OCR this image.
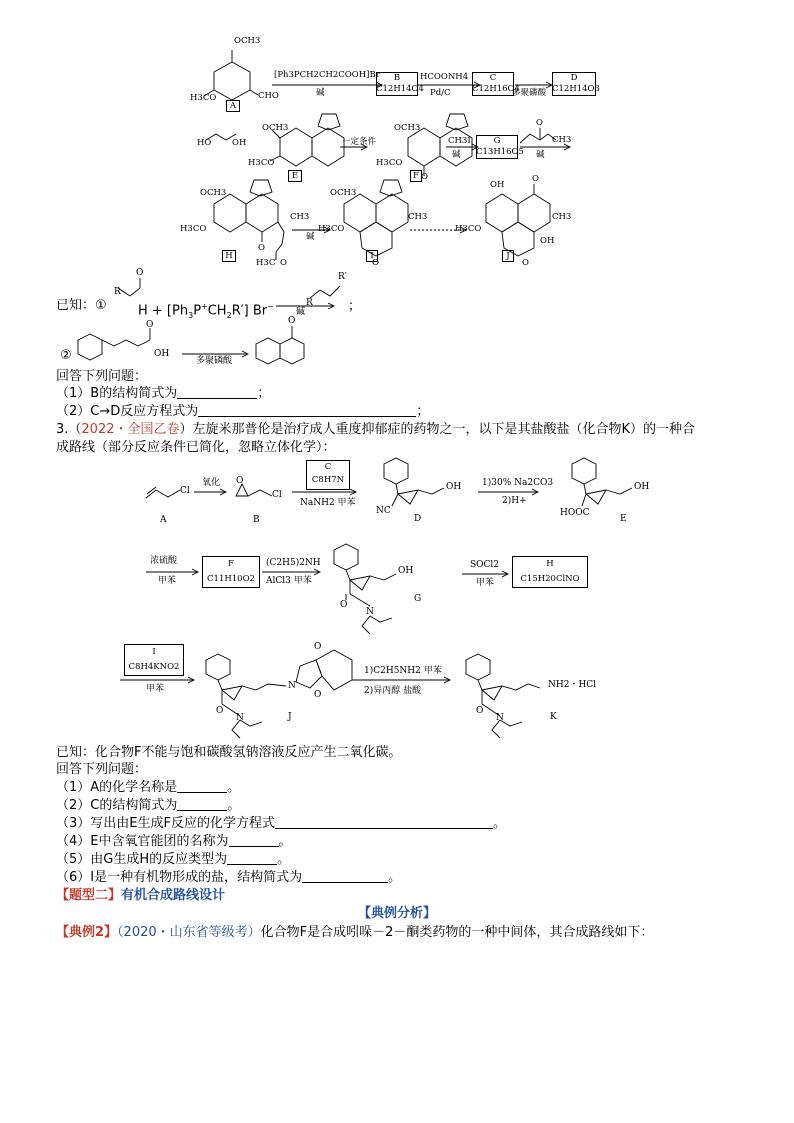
OCH3
H3CO	CHO
A
[Ph3PCH2CH2COOH]Br
碱
B
C12H14O4
HCOONH4
Pd/C
C
C12H16O4
多聚磷酸
D
C12H14O3
HO OH
OCH3
H3CO
一定条件
E
OCH3
H3CO
O
F
CH3I
碱
G
C13H16O5 碱
O
CH3
OCH3
H3CO
CH3
O
H3C O
H
碱
OCH3
H3CO
CH3
O
I
OH
O
H3CO
CH3
OH
O
J
已知：①
R
O
$H + [Ph_3P^+CH_2R']$ Br−
碱
R
R′
；
②
O
OH
多聚磷酸
O
回答下列问题：
（1）B的结构简式为	；
（2）C→D反应方程式为	；
3.（2022・全国乙卷）左旋米那普伦是治疗成人重度抑郁症的药物之一，以下是其盐酸盐（化合物K）的一种合
成路线（部分反应条件已简化，忽略立体化学）：
A
Cl
氧化 O
Cl
B
C
C8H7N
NaNH2 甲苯
NC
OH
D
1)30% Na2CO3
2)H+
HOOC
OH
E
浓硫酸
甲苯
F
C11H10O2
(C2H5)2NH
AlCl3 甲苯
OH
O
N
G
SOCl2
甲苯
H
C15H20ClNO
I
C8H4KNO2
甲苯
O
N
O
O
N	J
1)C2H5NH2 甲苯
2)异丙醇 盐酸
NH2・HCl
O
N	K
已知：化合物F不能与饱和碳酸氢钠溶液反应产生二氧化碳。
回答下列问题：
（1）A的化学名称是	。
（2）C的结构简式为	。
（3）写出由E生成F反应的化学方程式	。
（4）E中含氧官能团的名称为	。
（5）由G生成H的反应类型为	。
（6）I是一种有机物形成的盐，结构简式为	。
【题型二】有机合成路线设计
【典例分析】
【典例2】（2020・山东省等级考）化合物F是合成吲哚－2－酮类药物的一种中间体，其合成路线如下：
